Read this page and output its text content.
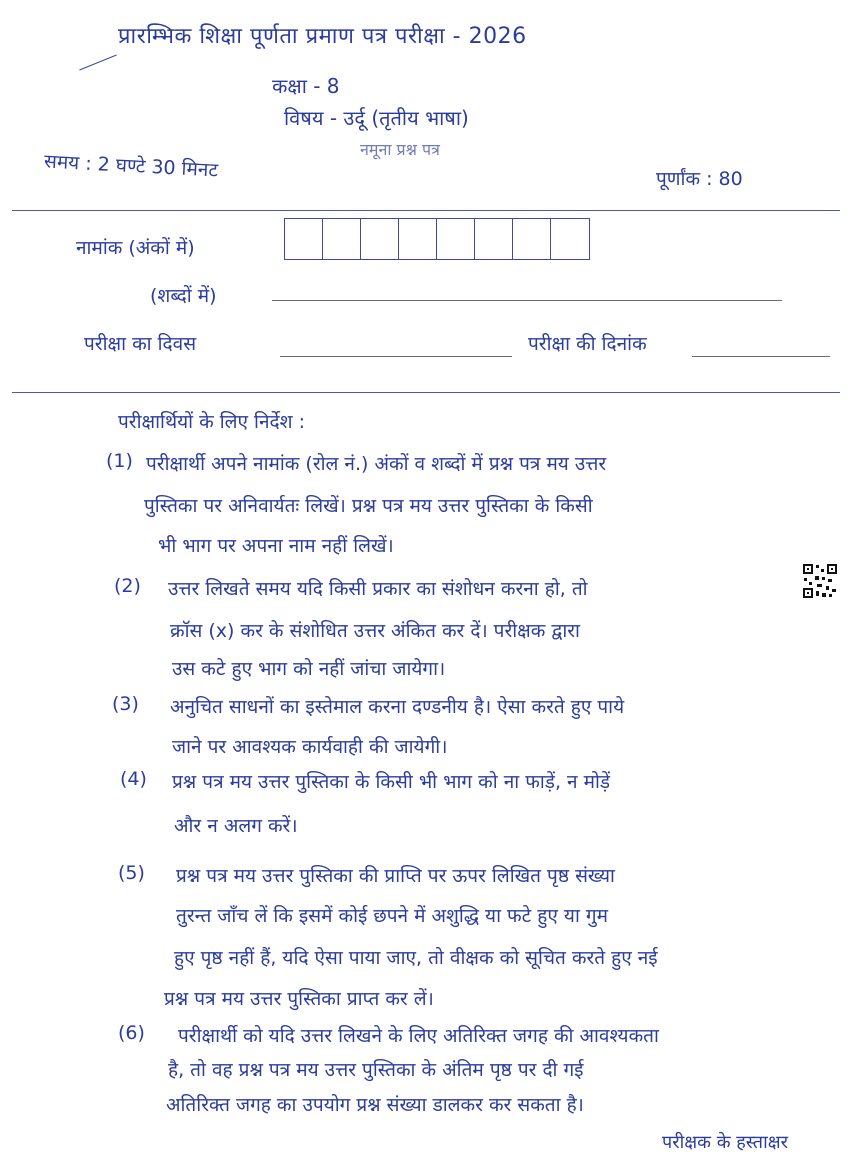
प्रारम्भिक शिक्षा पूर्णता प्रमाण पत्र परीक्षा - 2026
कक्षा - 8
विषय - उर्दू (तृतीय भाषा)
नमूना प्रश्न पत्र
समय : 2 घण्टे 30 मिनट	पूर्णांक : 80
नामांक (अंकों में)
(शब्दों में)
परीक्षा का दिवस	परीक्षा की दिनांक
परीक्षार्थियों के लिए निर्देश :
(1) परीक्षार्थी अपने नामांक (रोल नं.) अंकों व शब्दों में प्रश्न पत्र मय उत्तर
पुस्तिका पर अनिवार्यतः लिखें। प्रश्न पत्र मय उत्तर पुस्तिका के किसी
भी भाग पर अपना नाम नहीं लिखें।
(2) उत्तर लिखते समय यदि किसी प्रकार का संशोधन करना हो, तो
क्रॉस (x) कर के संशोधित उत्तर अंकित कर दें। परीक्षक द्वारा
उस कटे हुए भाग को नहीं जांचा जायेगा।
(3) अनुचित साधनों का इस्तेमाल करना दण्डनीय है। ऐसा करते हुए पाये
जाने पर आवश्यक कार्यवाही की जायेगी।
(4) प्रश्न पत्र मय उत्तर पुस्तिका के किसी भी भाग को ना फाड़ें, न मोड़ें
और न अलग करें।
(5) प्रश्न पत्र मय उत्तर पुस्तिका की प्राप्ति पर ऊपर लिखित पृष्ठ संख्या
तुरन्त जाँच लें कि इसमें कोई छपने में अशुद्धि या फटे हुए या गुम
हुए पृष्ठ नहीं हैं, यदि ऐसा पाया जाए, तो वीक्षक को सूचित करते हुए नई
प्रश्न पत्र मय उत्तर पुस्तिका प्राप्त कर लें।
(6) परीक्षार्थी को यदि उत्तर लिखने के लिए अतिरिक्त जगह की आवश्यकता
है, तो वह प्रश्न पत्र मय उत्तर पुस्तिका के अंतिम पृष्ठ पर दी गई
अतिरिक्त जगह का उपयोग प्रश्न संख्या डालकर कर सकता है।
परीक्षक के हस्ताक्षर
